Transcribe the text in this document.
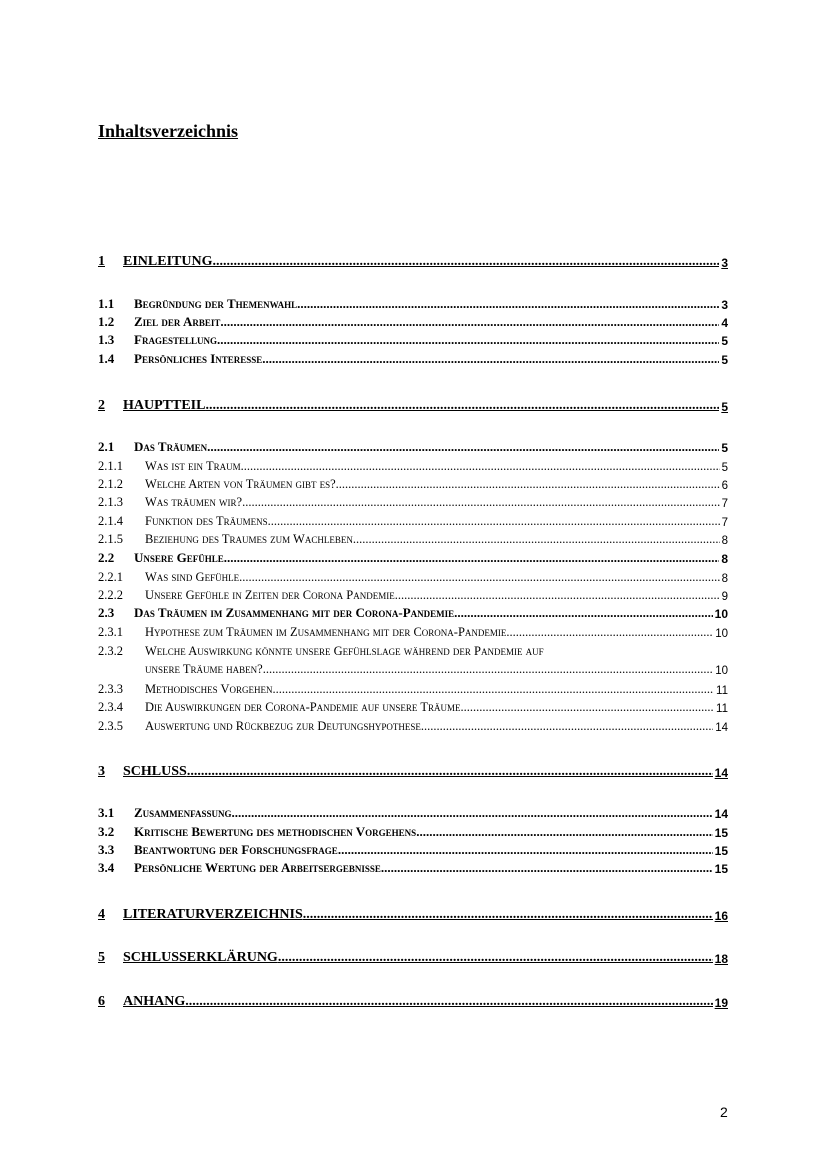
Inhaltsverzeichnis
1	EINLEITUNG .....	3
1.1	Begründung der Themenwahl .....	3
1.2	Ziel der Arbeit .....	4
1.3	Fragestellung .....	5
1.4	Persönliches Interesse .....	5
2	HAUPTTEIL .....	5
2.1	Das Träumen .....	5
2.1.1	Was ist ein Traum .....	5
2.1.2	Welche Arten von Träumen gibt es? .....	6
2.1.3	Was träumen wir? .....	7
2.1.4	Funktion des Träumens .....	7
2.1.5	Beziehung des Traumes zum Wachleben .....	8
2.2	Unsere Gefühle .....	8
2.2.1	Was sind Gefühle .....	8
2.2.2	Unsere Gefühle in Zeiten der Corona Pandemie .....	9
2.3	Das Träumen im Zusammenhang mit der Corona-Pandemie .....	10
2.3.1	Hypothese zum Träumen im Zusammenhang mit der Corona-Pandemie .....	10
2.3.2	Welche Auswirkung könnte unsere Gefühlslage während der Pandemie auf
unsere Träume haben? .....	10
2.3.3	Methodisches Vorgehen .....	11
2.3.4	Die Auswirkungen der Corona-Pandemie auf unsere Träume .....	11
2.3.5	Auswertung und Rückbezug zur Deutungshypothese .....	14
3	SCHLUSS .....	14
3.1	Zusammenfassung .....	14
3.2	Kritische Bewertung des methodischen Vorgehens .....	15
3.3	Beantwortung der Forschungsfrage .....	15
3.4	Persönliche Wertung der Arbeitsergebnisse .....	15
4	LITERATURVERZEICHNIS .....	16
5	SCHLUSSERKLÄRUNG .....	18
6	ANHANG .....	19
2
